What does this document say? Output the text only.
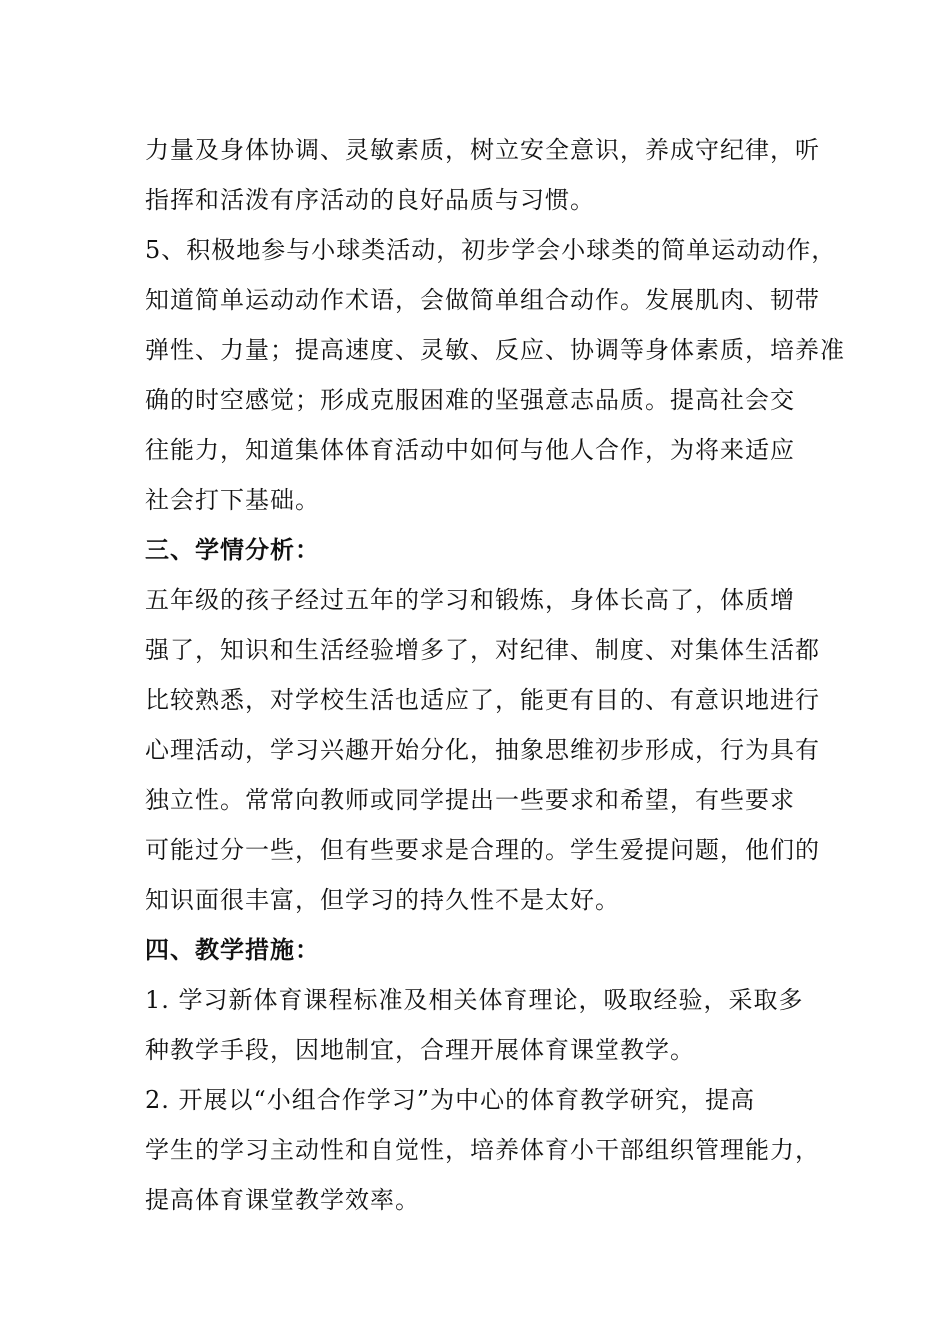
力量及身体协调、灵敏素质，树立安全意识，养成守纪律，听
指挥和活泼有序活动的良好品质与习惯。
5、积极地参与小球类活动，初步学会小球类的简单运动动作，
知道简单运动动作术语，会做简单组合动作。发展肌肉、韧带
弹性、力量；提高速度、灵敏、反应、协调等身体素质，培养准
确的时空感觉；形成克服困难的坚强意志品质。提高社会交
往能力，知道集体体育活动中如何与他人合作，为将来适应
社会打下基础。
三、学情分析：
五年级的孩子经过五年的学习和锻炼，身体长高了，体质增
强了，知识和生活经验增多了，对纪律、制度、对集体生活都
比较熟悉，对学校生活也适应了，能更有目的、有意识地进行
心理活动，学习兴趣开始分化，抽象思维初步形成，行为具有
独立性。常常向教师或同学提出一些要求和希望，有些要求
可能过分一些，但有些要求是合理的。学生爱提问题，他们的
知识面很丰富，但学习的持久性不是太好。
四、教学措施：
1. 学习新体育课程标准及相关体育理论，吸取经验，采取多
种教学手段，因地制宜，合理开展体育课堂教学。
2. 开展以“小组合作学习”为中心的体育教学研究，提高
学生的学习主动性和自觉性，培养体育小干部组织管理能力，
提高体育课堂教学效率。
